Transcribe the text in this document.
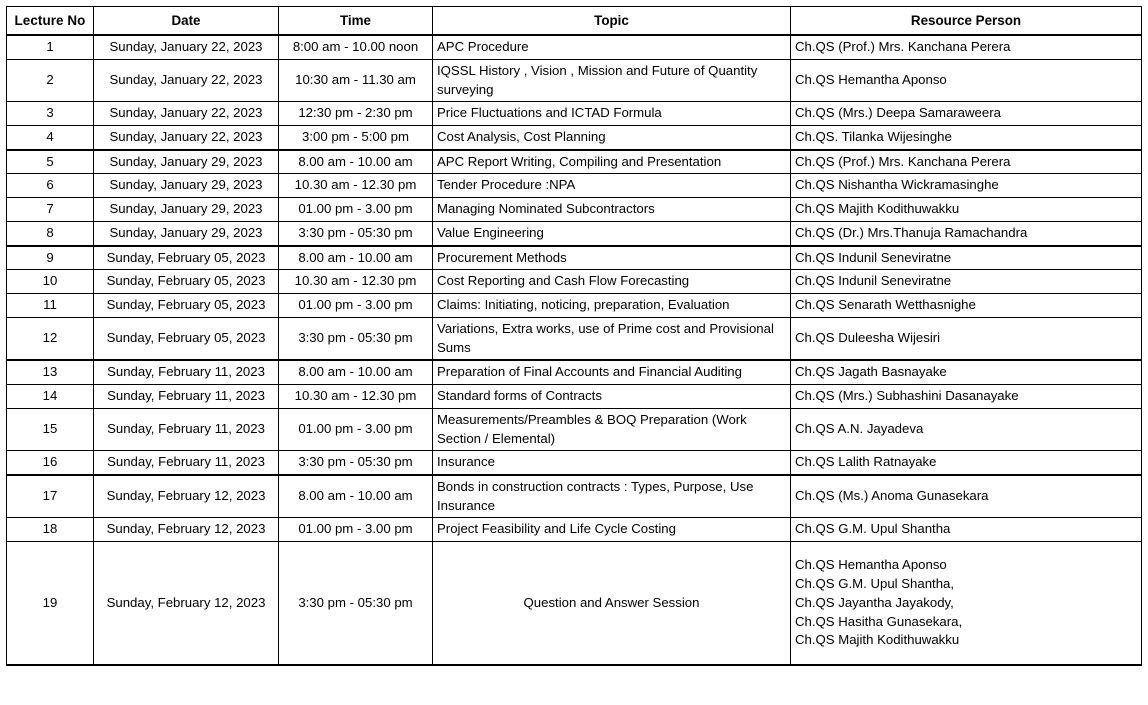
Lecture No	Date	Time	Topic	Resource Person
1	Sunday, January 22, 2023	8:00 am - 10.00 noon	APC Procedure	Ch.QS (Prof.) Mrs. Kanchana Perera
2	Sunday, January 22, 2023	10:30 am - 11.30 am	IQSSL History , Vision , Mission and Future of Quantity surveying	Ch.QS Hemantha Aponso
3	Sunday, January 22, 2023	12:30 pm - 2:30 pm	Price Fluctuations and ICTAD Formula	Ch.QS (Mrs.) Deepa Samaraweera
4	Sunday, January 22, 2023	3:00 pm - 5:00 pm	Cost Analysis, Cost Planning	Ch.QS. Tilanka Wijesinghe
5	Sunday, January 29, 2023	8.00 am - 10.00 am	APC Report Writing, Compiling and Presentation	Ch.QS (Prof.) Mrs. Kanchana Perera
6	Sunday, January 29, 2023	10.30 am - 12.30 pm	Tender Procedure :NPA	Ch.QS Nishantha Wickramasinghe
7	Sunday, January 29, 2023	01.00 pm - 3.00 pm	Managing Nominated Subcontractors	Ch.QS Majith Kodithuwakku
8	Sunday, January 29, 2023	3:30 pm - 05:30 pm	Value Engineering	Ch.QS (Dr.) Mrs.Thanuja Ramachandra
9	Sunday, February 05, 2023	8.00 am - 10.00 am	Procurement Methods	Ch.QS Indunil Seneviratne
10	Sunday, February 05, 2023	10.30 am - 12.30 pm	Cost Reporting and Cash Flow Forecasting	Ch.QS Indunil Seneviratne
11	Sunday, February 05, 2023	01.00 pm - 3.00 pm	Claims: Initiating, noticing, preparation, Evaluation	Ch.QS Senarath Wetthasnighe
12	Sunday, February 05, 2023	3:30 pm - 05:30 pm	Variations, Extra works, use of Prime cost and Provisional Sums	Ch.QS Duleesha Wijesiri
13	Sunday, February 11, 2023	8.00 am - 10.00 am	Preparation of Final Accounts and Financial Auditing	Ch.QS Jagath Basnayake
14	Sunday, February 11, 2023	10.30 am - 12.30 pm	Standard forms of Contracts	Ch.QS (Mrs.) Subhashini Dasanayake
15	Sunday, February 11, 2023	01.00 pm - 3.00 pm	Measurements/Preambles & BOQ Preparation (Work Section / Elemental)	Ch.QS A.N. Jayadeva
16	Sunday, February 11, 2023	3:30 pm - 05:30 pm	Insurance	Ch.QS Lalith Ratnayake
17	Sunday, February 12, 2023	8.00 am - 10.00 am	Bonds in construction contracts : Types, Purpose, Use Insurance	Ch.QS (Ms.) Anoma Gunasekara
18	Sunday, February 12, 2023	01.00 pm - 3.00 pm	Project Feasibility and Life Cycle Costing	Ch.QS G.M. Upul Shantha
19	Sunday, February 12, 2023	3:30 pm - 05:30 pm	Question and Answer Session	Ch.QS Hemantha Aponso
Ch.QS G.M. Upul Shantha,
Ch.QS Jayantha Jayakody,
Ch.QS Hasitha Gunasekara,
Ch.QS Majith Kodithuwakku
